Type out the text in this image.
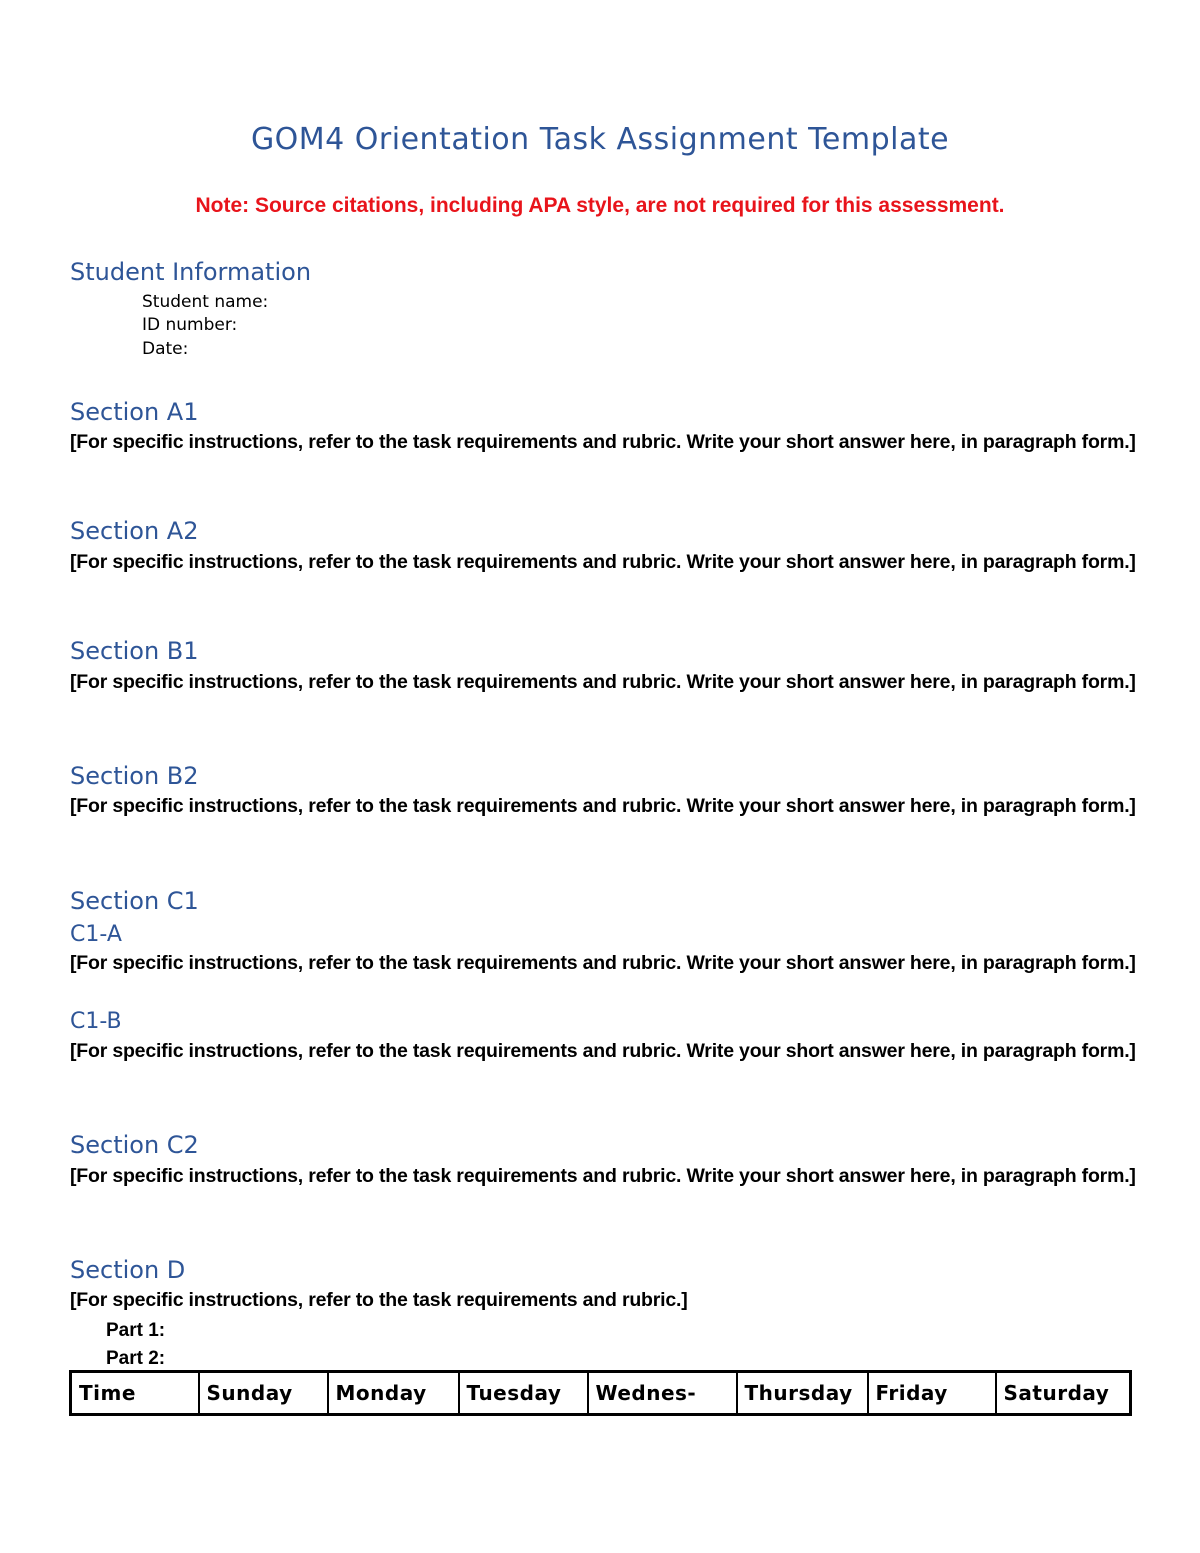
GOM4 Orientation Task Assignment Template
Note: Source citations, including APA style, are not required for this assessment.
Student Information
Student name:
ID number:
Date:
Section A1
[For specific instructions, refer to the task requirements and rubric. Write your short answer here, in paragraph form.]
Section A2
[For specific instructions, refer to the task requirements and rubric. Write your short answer here, in paragraph form.]
Section B1
[For specific instructions, refer to the task requirements and rubric. Write your short answer here, in paragraph form.]
Section B2
[For specific instructions, refer to the task requirements and rubric. Write your short answer here, in paragraph form.]
Section C1
C1-A
[For specific instructions, refer to the task requirements and rubric. Write your short answer here, in paragraph form.]
C1-B
[For specific instructions, refer to the task requirements and rubric. Write your short answer here, in paragraph form.]
Section C2
[For specific instructions, refer to the task requirements and rubric. Write your short answer here, in paragraph form.]
Section D
[For specific instructions, refer to the task requirements and rubric.]
Part 1:
Part 2:
Time	Sunday	Monday	Tuesday	Wednes-	Thursday	Friday	Saturday
